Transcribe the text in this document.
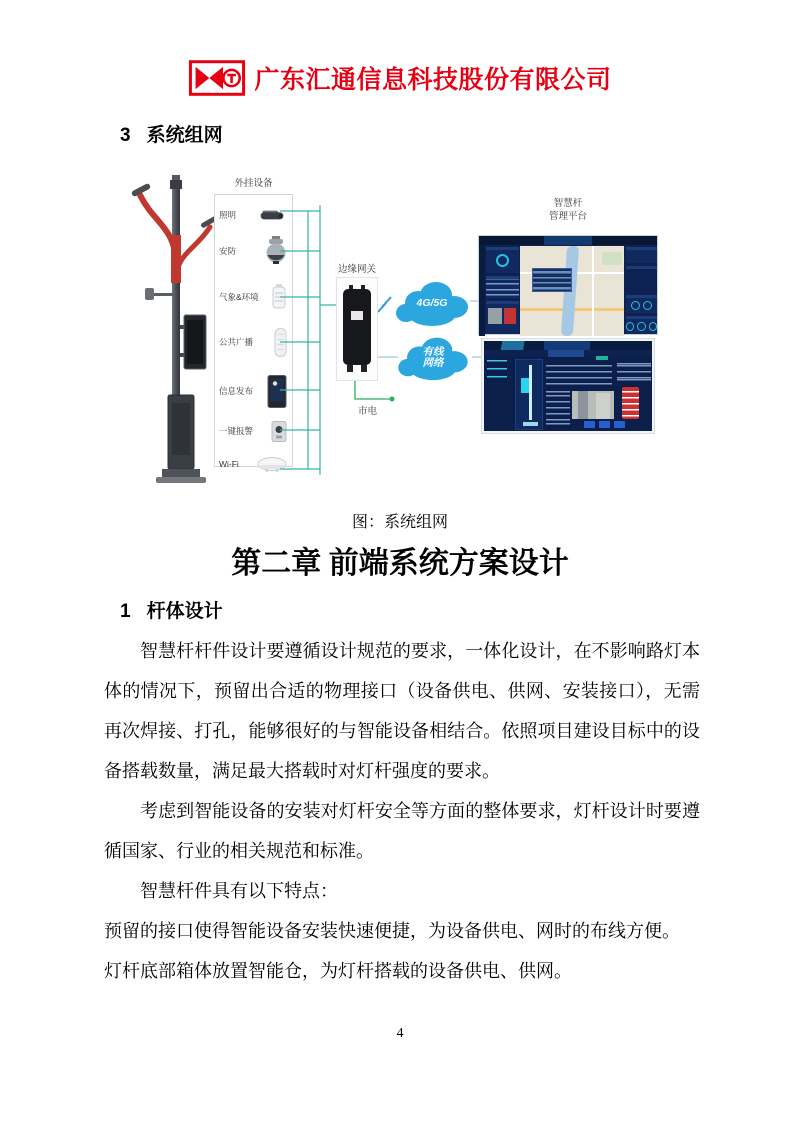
广东汇通信息科技股份有限公司
3 系统组网
外挂设备
照明
安防
气象&环境
公共广播
信息发布
一键报警
Wi-Fi
边缘网关
4G/5G
有线
网络
市电
智慧杆
管理平台
图：系统组网
第二章 前端系统方案设计
1 杆体设计

智慧杆杆件设计要遵循设计规范的要求，一体化设计，在不影响路灯本体的情况下，预留出合适的物理接口（设备供电、供网、安装接口），无需再次焊接、打孔，能够很好的与智能设备相结合。依照项目建设目标中的设备搭载数量，满足最大搭载时对灯杆强度的要求。

考虑到智能设备的安装对灯杆安全等方面的整体要求，灯杆设计时要遵循国家、行业的相关规范和标准。

智慧杆件具有以下特点：

预留的接口使得智能设备安装快速便捷，为设备供电、网时的布线方便。

灯杆底部箱体放置智能仓，为灯杆搭载的设备供电、供网。

4
